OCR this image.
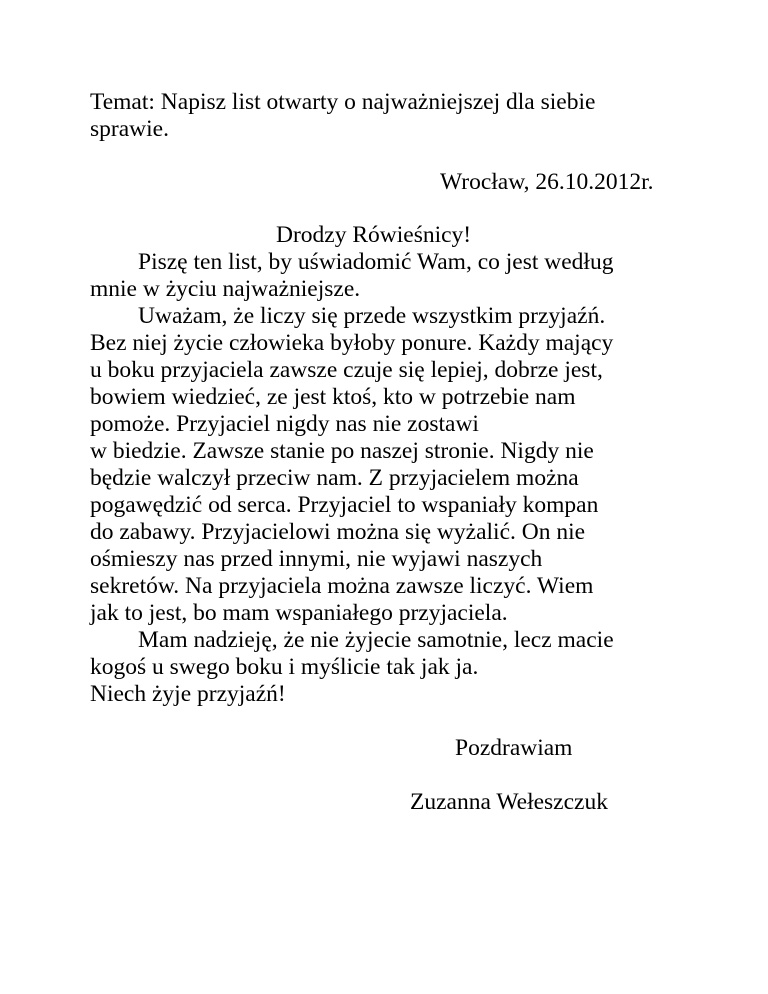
Temat: Napisz list otwarty o najważniejszej dla siebie

sprawie.

Wrocław, 26.10.2012r.

Drodzy Rówieśnicy!

Piszę ten list, by uświadomić Wam, co jest według

mnie w życiu najważniejsze.

Uważam, że liczy się przede wszystkim przyjaźń.

Bez niej życie człowieka byłoby ponure. Każdy mający

u boku przyjaciela zawsze czuje się lepiej, dobrze jest,

bowiem wiedzieć, ze jest ktoś, kto w potrzebie nam

pomoże. Przyjaciel nigdy nas nie zostawi

w biedzie. Zawsze stanie po naszej stronie. Nigdy nie

będzie walczył przeciw nam. Z przyjacielem można

pogawędzić od serca. Przyjaciel to wspaniały kompan

do zabawy. Przyjacielowi można się wyżalić. On nie

ośmieszy nas przed innymi, nie wyjawi naszych

sekretów. Na przyjaciela można zawsze liczyć. Wiem

jak to jest, bo mam wspaniałego przyjaciela.

Mam nadzieję, że nie żyjecie samotnie, lecz macie

kogoś u swego boku i myślicie tak jak ja.

Niech żyje przyjaźń!

Pozdrawiam

Zuzanna Wełeszczuk
